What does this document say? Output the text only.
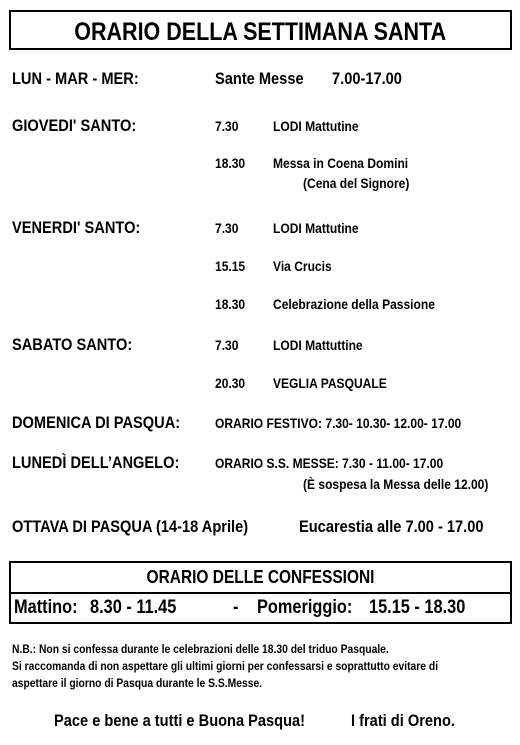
ORARIO DELLA SETTIMANA SANTA
LUN - MAR - MER:	Sante Messe	7.00-17.00
GIOVEDI' SANTO:	7.30 LODI Mattutine
18.30	Messa in Coena Domini
(Cena del Signore)
VENERDI' SANTO:	7.30 LODI Mattutine
15.15	Via Crucis
18.30	Celebrazione della Passione
SABATO SANTO:	7.30 LODI Mattuttine
20.30	VEGLIA PASQUALE
DOMENICA DI PASQUA:	ORARIO FESTIVO: 7.30- 10.30- 12.00- 17.00
LUNEDÌ DELL’ANGELO:	ORARIO S.S. MESSE: 7.30 - 11.00- 17.00
(È sospesa la Messa delle 12.00)
OTTAVA DI PASQUA (14-18 Aprile)	Eucarestia alle 7.00 - 17.00
ORARIO DELLE CONFESSIONI
Mattino: 8.30 - 11.45	- Pomeriggio: 15.15 - 18.30
N.B.: Non si confessa durante le celebrazioni delle 18.30 del triduo Pasquale.
Si raccomanda di non aspettare gli ultimi giorni per confessarsi e soprattutto evitare di
aspettare il giorno di Pasqua durante le S.S.Messe.
Pace e bene a tutti e Buona Pasqua!	I frati di Oreno.
